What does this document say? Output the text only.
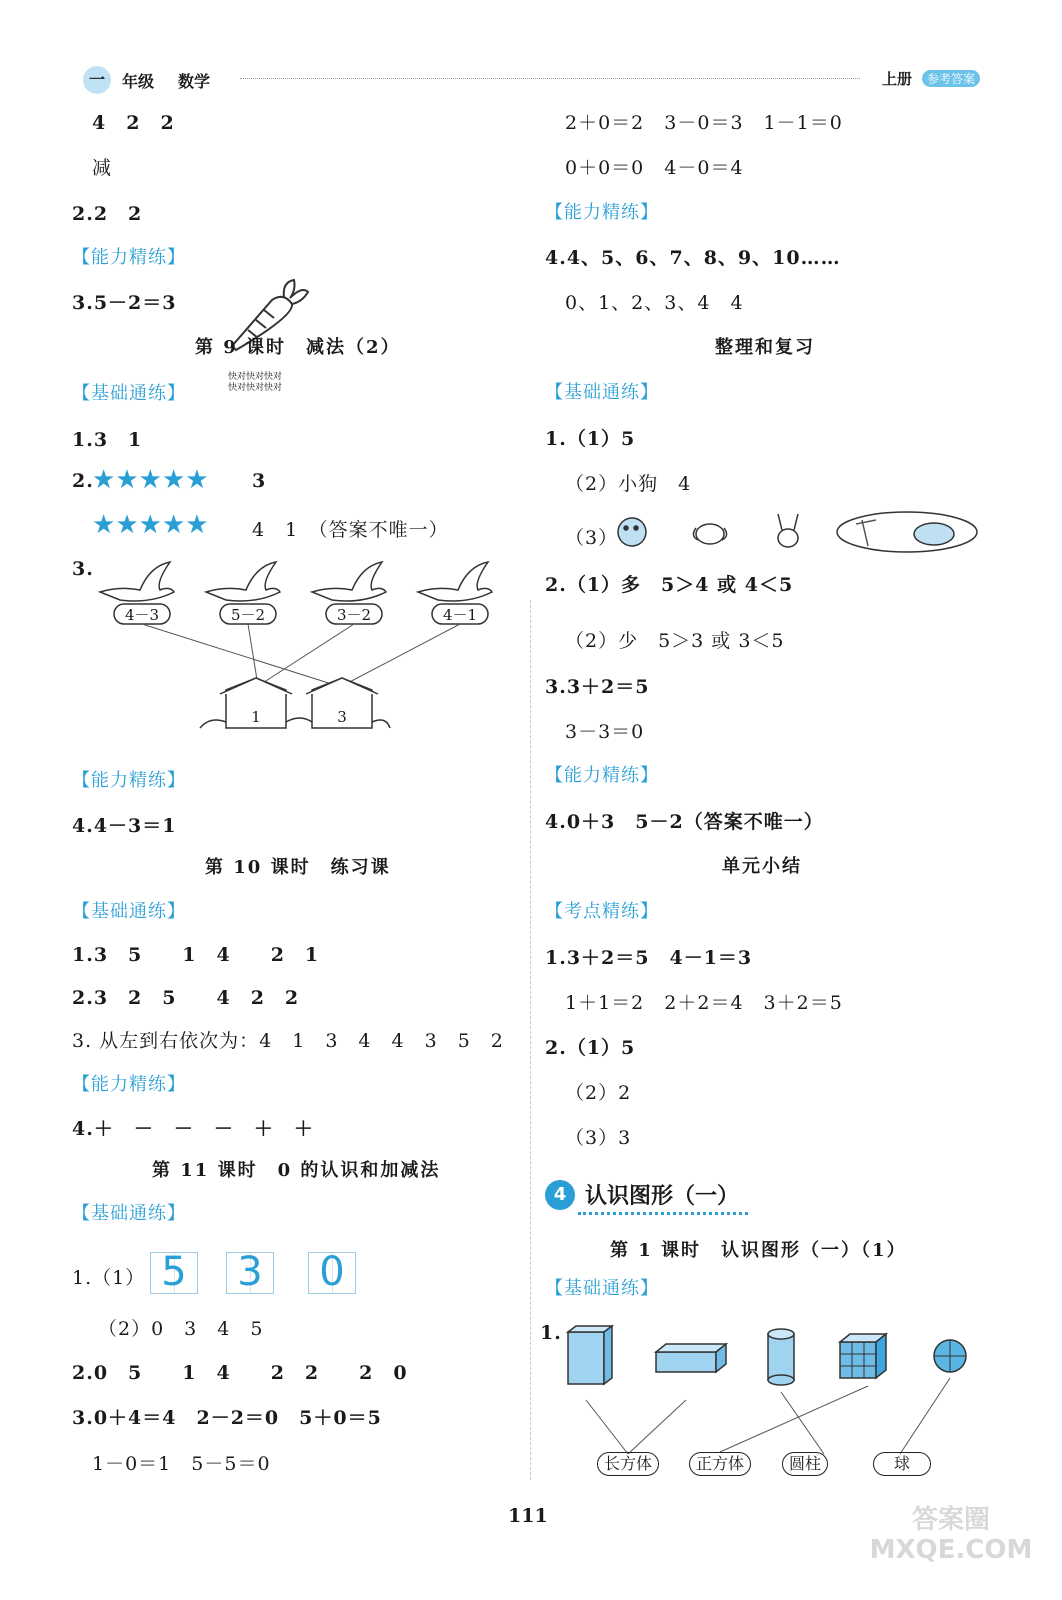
一	年级 数学	上册	参考答案
4　2　2
减
2.2　2
【能力精练】
3.5－2＝3
第 9 课时　减法（2）
快对快对快对
快对快对快对
【基础通练】
1.3　1
2.
★★★★★ 3
★★★★★ 4　1　（答案不唯一）
3.
4－3	5－2	3－2	4－1
1	3
【能力精练】
4.4－3＝1
第 10 课时　练习课
【基础通练】
1.3　5　　1　4　　2　1
2.3　2　5　　4　2　2
3. 从左到右依次为：4　1　3　4　4　3　5　2
【能力精练】
4.＋　－　－　－　＋　＋
第 11 课时　0 的认识和加减法
【基础通练】
1.（1） 5 3 0
（2）0　3　4　5
2.0　5　　1　4　　2　2　　2　0
3.0＋4＝4　2－2＝0　5＋0＝5
1－0＝1　5－5＝0
2＋0＝2　3－0＝3　1－1＝0
0＋0＝0　4－0＝4
【能力精练】
4.4、5、6、7、8、9、10……
0、1、2、3、4　4
整理和复习
【基础通练】
1.（1）5
（2）小狗　4
（3）
2.（1）多　5＞4 或 4＜5
（2）少　5＞3 或 3＜5
3.3＋2＝5
3－3＝0
【能力精练】
4.0＋3　5－2（答案不唯一）
单元小结
【考点精练】
1.3＋2＝5　4－1＝3
1＋1＝2　2＋2＝4　3＋2＝5
2.（1）5
（2）2
（3）3
4 认识图形（一）
第 1 课时　认识图形（一）（1）
【基础通练】
1.
长方体	正方体	圆柱	球
111	答案圈 MXQE.COM
